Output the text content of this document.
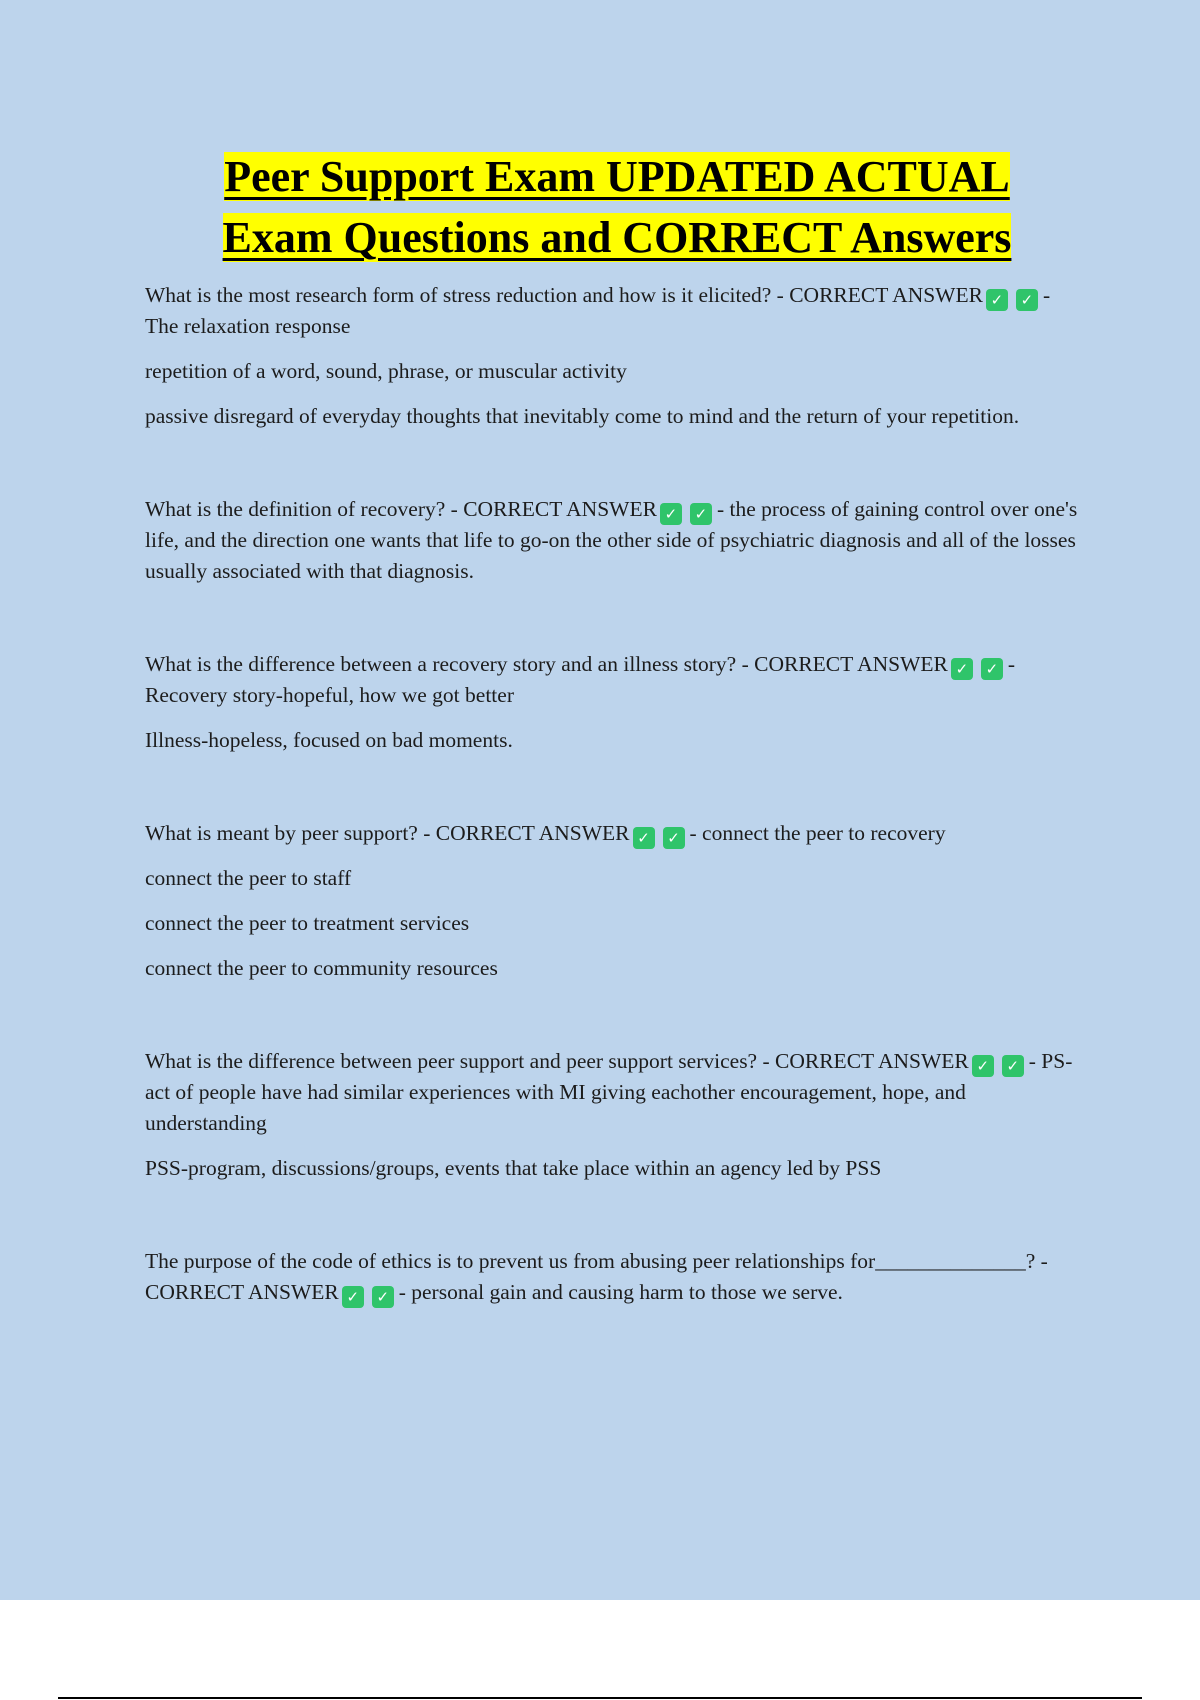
Peer Support Exam UPDATED ACTUAL
Exam Questions and CORRECT Answers

What is the most research form of stress reduction and how is it elicited? - CORRECT ANSWER ✓ ✓ - The relaxation response

repetition of a word, sound, phrase, or muscular activity

passive disregard of everyday thoughts that inevitably come to mind and the return of your repetition.

What is the definition of recovery? - CORRECT ANSWER ✓ ✓ - the process of gaining control over one's life, and the direction one wants that life to go-on the other side of psychiatric diagnosis and all of the losses usually associated with that diagnosis.

What is the difference between a recovery story and an illness story? - CORRECT ANSWER ✓ ✓ - Recovery story-hopeful, how we got better

Illness-hopeless, focused on bad moments.

What is meant by peer support? - CORRECT ANSWER ✓ ✓ - connect the peer to recovery

connect the peer to staff

connect the peer to treatment services

connect the peer to community resources

What is the difference between peer support and peer support services? - CORRECT ANSWER ✓ ✓ - PS-act of people have had similar experiences with MI giving eachother encouragement, hope, and understanding

PSS-program, discussions/groups, events that take place within an agency led by PSS

The purpose of the code of ethics is to prevent us from abusing peer relationships for______________? - CORRECT ANSWER ✓ ✓ - personal gain and causing harm to those we serve.
